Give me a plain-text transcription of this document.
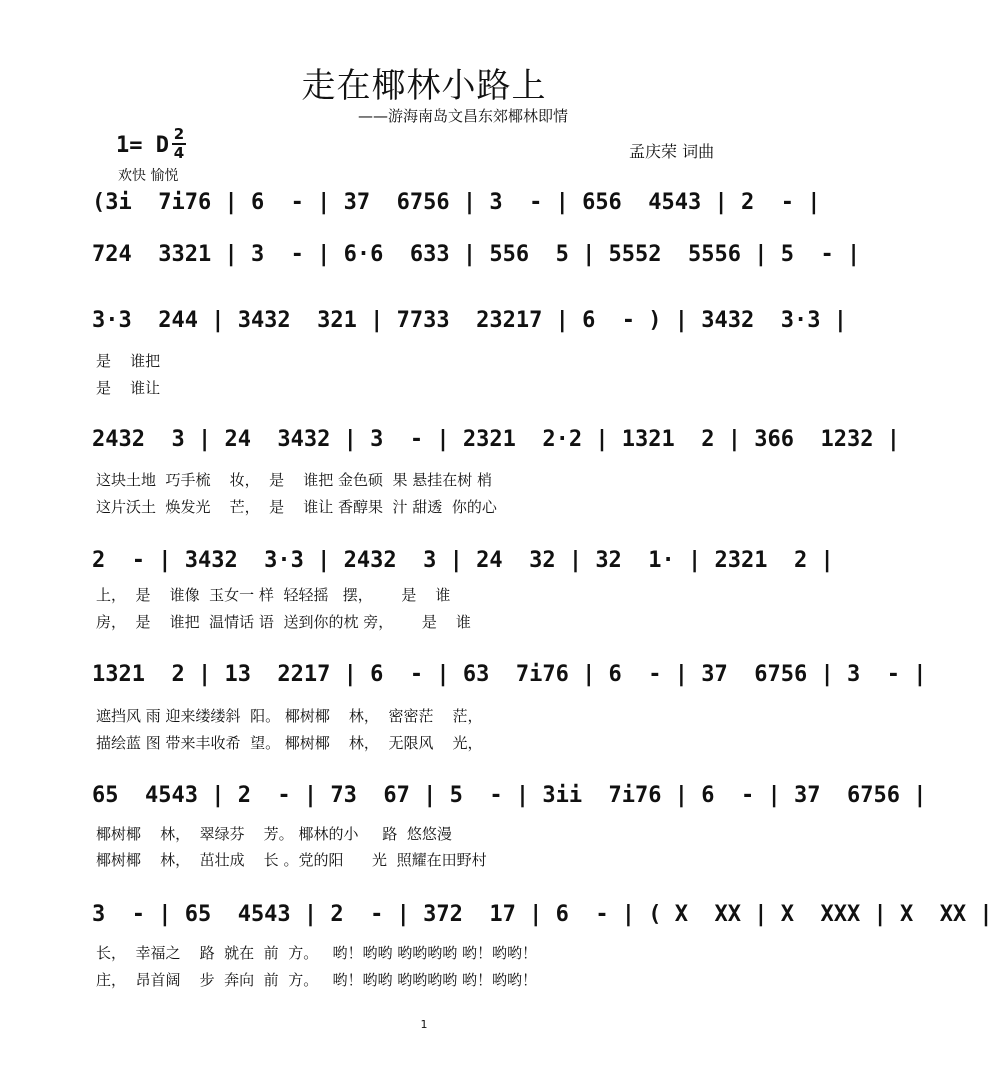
走在椰林小路上
——游海南岛文昌东郊椰林即情
1= D 2
4	孟庆荣 词曲
欢快 愉悦
(3i  7i76 | 6  - | 37  6756 | 3  - | 656  4543 | 2  - |
724  3321 | 3  - | 6·6  633 | 556  5 | 5552  5556 | 5  - |
3·3  244 | 3432  321 | 7733  23217 | 6  - ) | 3432  3·3 |
是    谁把
是    谁让
2432  3 | 24  3432 | 3  - | 2321  2·2 | 1321  2 | 366  1232 |
这块土地  巧手梳    妆，  是    谁把 金色硕  果 悬挂在树 梢
这片沃土  焕发光    芒，  是    谁让 香醇果  汁 甜透  你的心
2  - | 3432  3·3 | 2432  3 | 24  32 | 32  1· | 2321  2 |
上，  是    谁像  玉女一 样  轻轻摇   摆，      是    谁
房，  是    谁把  温情话 语  送到你的枕 旁，      是    谁
1321  2 | 13  2217 | 6  - | 63  7i76 | 6  - | 37  6756 | 3  - |
遮挡风 雨 迎来缕缕斜  阳。 椰树椰    林，  密密茫    茫，
描绘蓝 图 带来丰收希  望。 椰树椰    林，  无限风    光，
65  4543 | 2  - | 73  67 | 5  - | 3ii  7i76 | 6  - | 37  6756 |
椰树椰    林，  翠绿芬    芳。 椰林的小     路  悠悠漫
椰树椰    林，  茁壮成    长 。党的阳      光  照耀在田野村
3  - | 65  4543 | 2  - | 372  17 | 6  - | ( X  XX | X  XXX | X  XX |
长，  幸福之    路  就在  前  方。   哟！哟哟 哟哟哟哟 哟！哟哟！
庄，  昂首阔    步  奔向  前  方。   哟！哟哟 哟哟哟哟 哟！哟哟！
1
